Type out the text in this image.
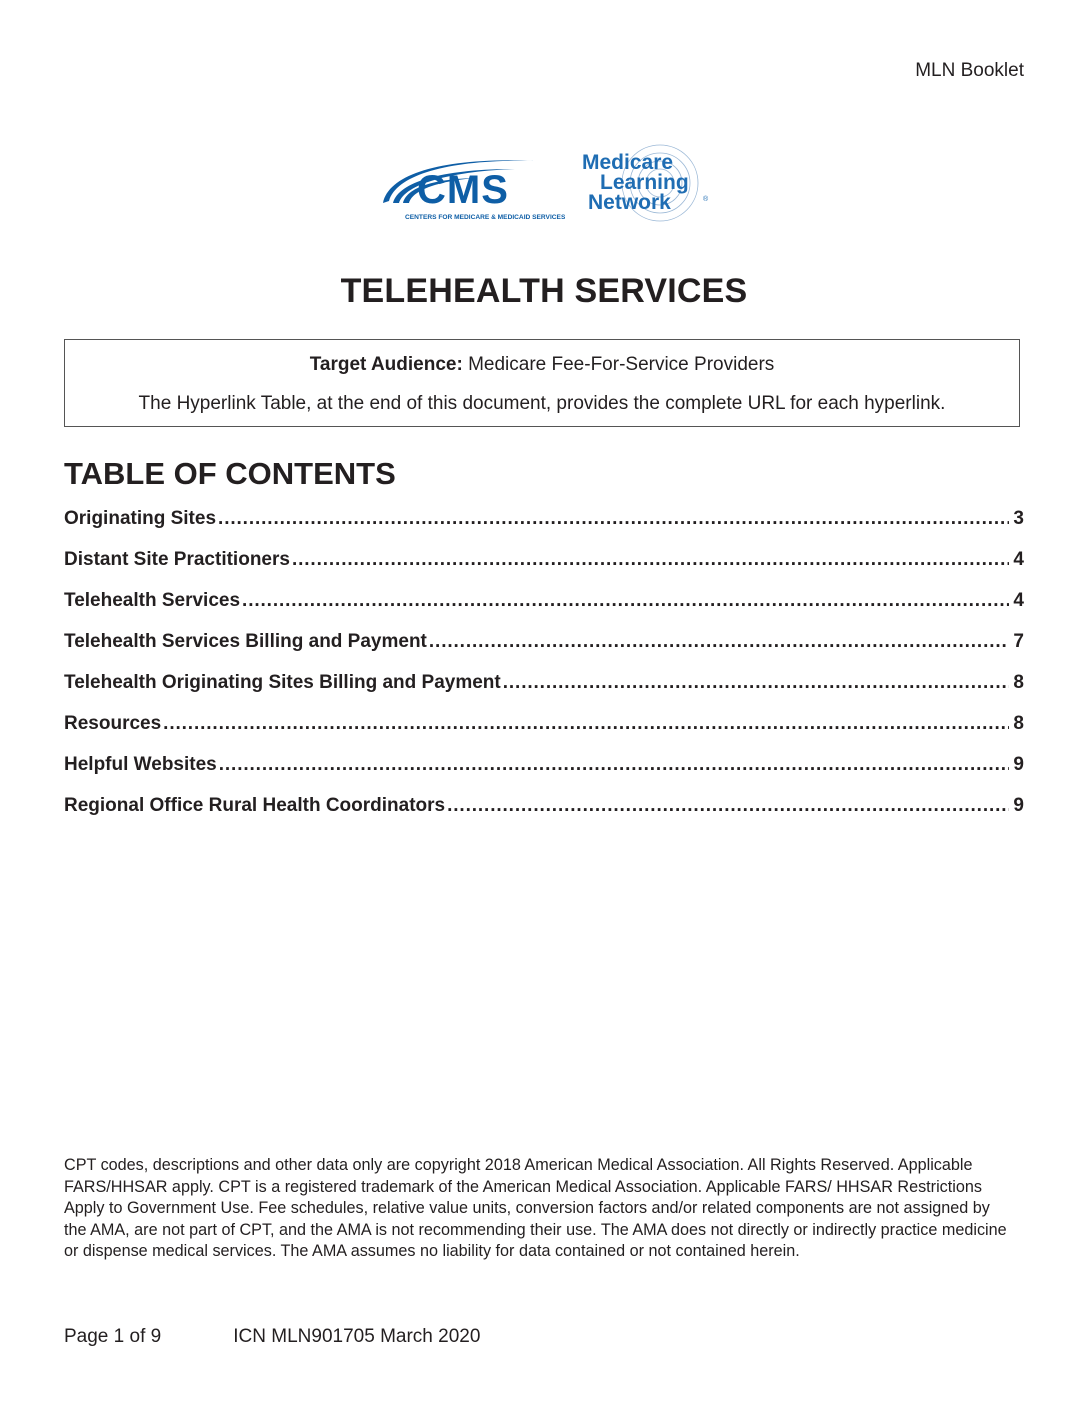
MLN Booklet
CMS
CENTERS FOR MEDICARE & MEDICAID SERVICES
Medicare
Learning
Network	®
TELEHEALTH SERVICES
Target Audience: Medicare Fee-For-Service Providers
The Hyperlink Table, at the end of this document, provides the complete URL for each hyperlink.
TABLE OF CONTENTS
Originating Sites . . .	3
Distant Site Practitioners . . .	4
Telehealth Services . . .	4
Telehealth Services Billing and Payment . . .	7
Telehealth Originating Sites Billing and Payment . . .	8
Resources . . .	8
Helpful Websites . . .	9
Regional Office Rural Health Coordinators . . .	9
CPT codes, descriptions and other data only are copyright 2018 American Medical Association. All Rights Reserved. Applicable FARS/HHSAR apply. CPT is a registered trademark of the American Medical Association. Applicable FARS/ HHSAR Restrictions Apply to Government Use. Fee schedules, relative value units, conversion factors and/or related components are not assigned by the AMA, are not part of CPT, and the AMA is not recommending their use. The AMA does not directly or indirectly practice medicine or dispense medical services. The AMA assumes no liability for data contained or not contained herein.
Page 1 of 9	ICN MLN901705 March 2020
